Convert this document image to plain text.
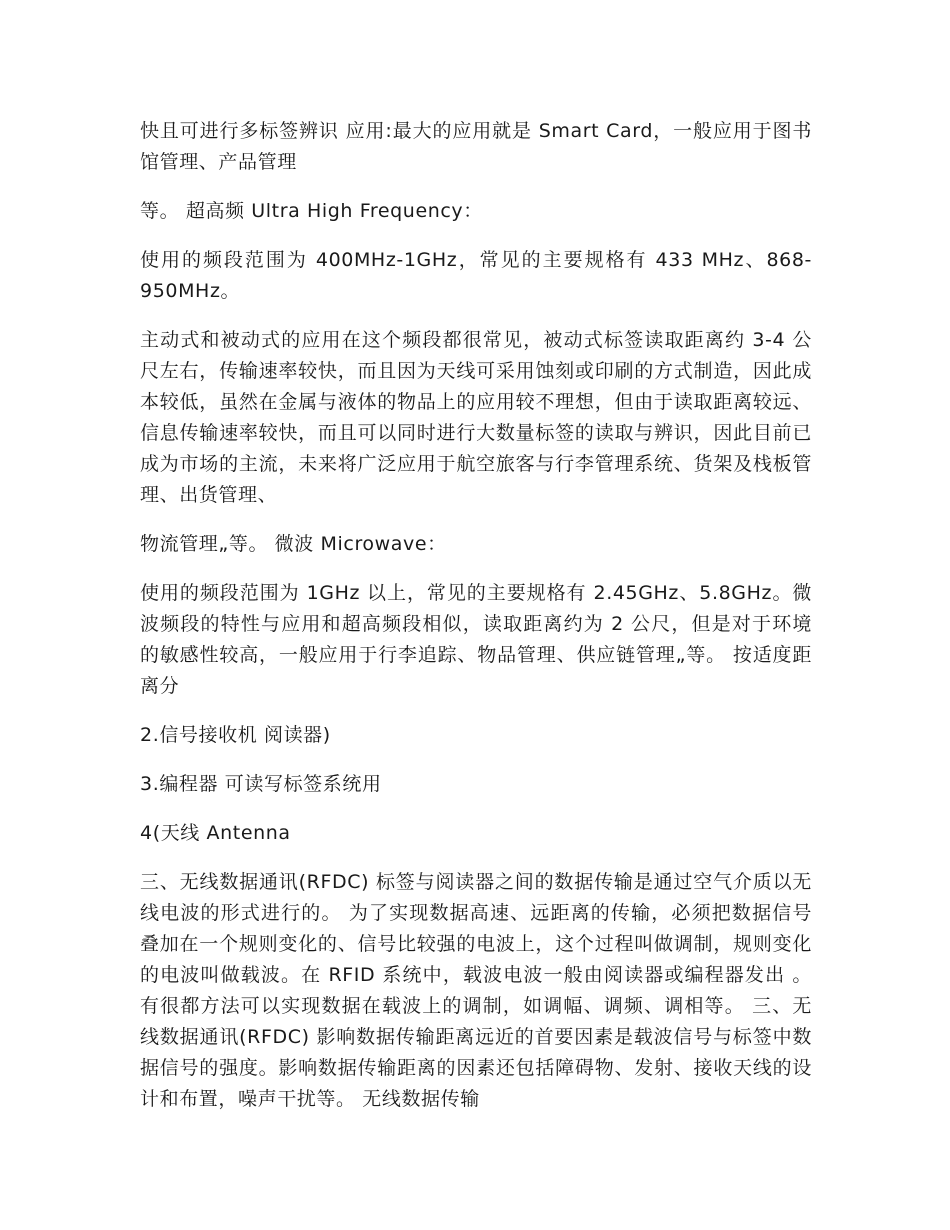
快且可进行多标签辨识 应用:最大的应用就是 Smart Card，一般应用于图书馆管理、产品管理

等。 超高频 Ultra High Frequency：

使用的频段范围为 400MHz-1GHz，常见的主要规格有 433 MHz、868-950MHz。

主动式和被动式的应用在这个频段都很常见，被动式标签读取距离约 3-4 公尺左右，传输速率较快，而且因为天线可采用蚀刻或印刷的方式制造，因此成本较低，虽然在金属与液体的物品上的应用较不理想，但由于读取距离较远、信息传输速率较快，而且可以同时进行大数量标签的读取与辨识，因此目前已成为市场的主流，未来将广泛应用于航空旅客与行李管理系统、货架及栈板管理、出货管理、

物流管理„等。 微波 Microwave：

使用的频段范围为 1GHz 以上，常见的主要规格有 2.45GHz、5.8GHz。微波频段的特性与应用和超高频段相似，读取距离约为 2 公尺，但是对于环境的敏感性较高，一般应用于行李追踪、物品管理、供应链管理„等。 按适度距离分

2.信号接收机 阅读器)

3.编程器 可读写标签系统用

4(天线 Antenna

三、无线数据通讯(RFDC) 标签与阅读器之间的数据传输是通过空气介质以无线电波的形式进行的。 为了实现数据高速、远距离的传输，必须把数据信号叠加在一个规则变化的、信号比较强的电波上，这个过程叫做调制，规则变化的电波叫做载波。在 RFID 系统中，载波电波一般由阅读器或编程器发出 。 有很都方法可以实现数据在载波上的调制，如调幅、调频、调相等。 三、无线数据通讯(RFDC) 影响数据传输距离远近的首要因素是载波信号与标签中数据信号的强度。影响数据传输距离的因素还包括障碍物、发射、接收天线的设计和布置，噪声干扰等。 无线数据传输
